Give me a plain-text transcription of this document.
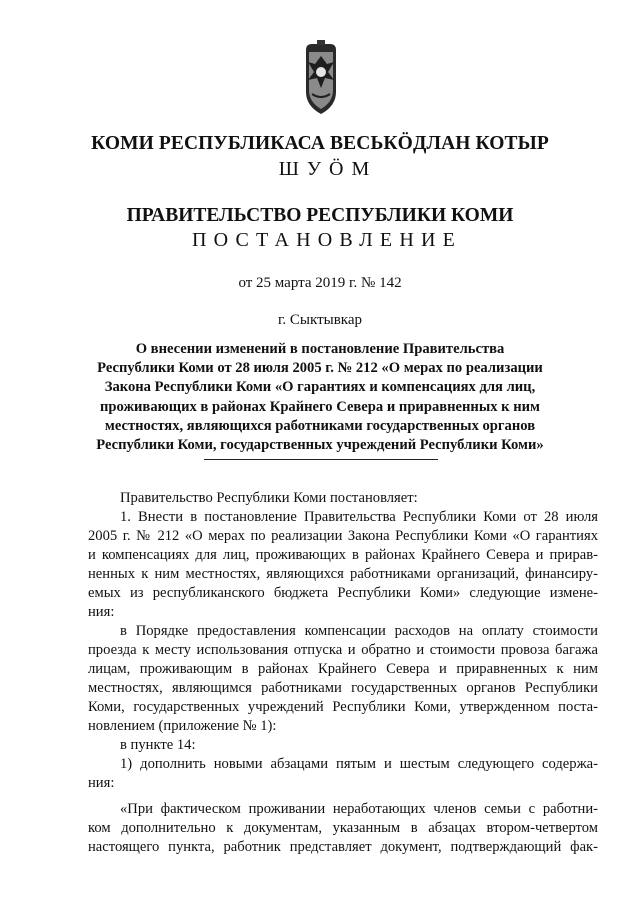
КОМИ РЕСПУБЛИКАСА ВЕСЬКӦДЛАН КОТЫР
ШУӦМ
ПРАВИТЕЛЬСТВО РЕСПУБЛИКИ КОМИ
ПОСТАНОВЛЕНИЕ
от 25 марта 2019 г. № 142
г. Сыктывкар
О внесении изменений в постановление Правительства
Республики Коми от 28 июля 2005 г. № 212 «О мерах по реализации
Закона Республики Коми «О гарантиях и компенсациях для лиц,
проживающих в районах Крайнего Севера и приравненных к ним
местностях, являющихся работниками государственных органов
Республики Коми, государственных учреждений Республики Коми»
Правительство Республики Коми постановляет:
1. Внести в постановление Правительства Республики Коми от 28 июля
2005 г. № 212 «О мерах по реализации Закона Республики Коми «О гарантиях
и компенсациях для лиц, проживающих в районах Крайнего Севера и прирав-
ненных к ним местностях, являющихся работниками организаций, финансиру-
емых из республиканского бюджета Республики Коми» следующие измене-
ния:
в Порядке предоставления компенсации расходов на оплату стоимости
проезда к месту использования отпуска и обратно и стоимости провоза багажа
лицам, проживающим в районах Крайнего Севера и приравненных к ним
местностях, являющимся работниками государственных органов Республики
Коми, государственных учреждений Республики Коми, утвержденном поста-
новлением (приложение № 1):
в пункте 14:
1) дополнить новыми абзацами пятым и шестым следующего содержа-
ния:
«При фактическом проживании неработающих членов семьи с работни-
ком дополнительно к документам, указанным в абзацах втором-четвертом
настоящего пункта, работник представляет документ, подтверждающий фак-
